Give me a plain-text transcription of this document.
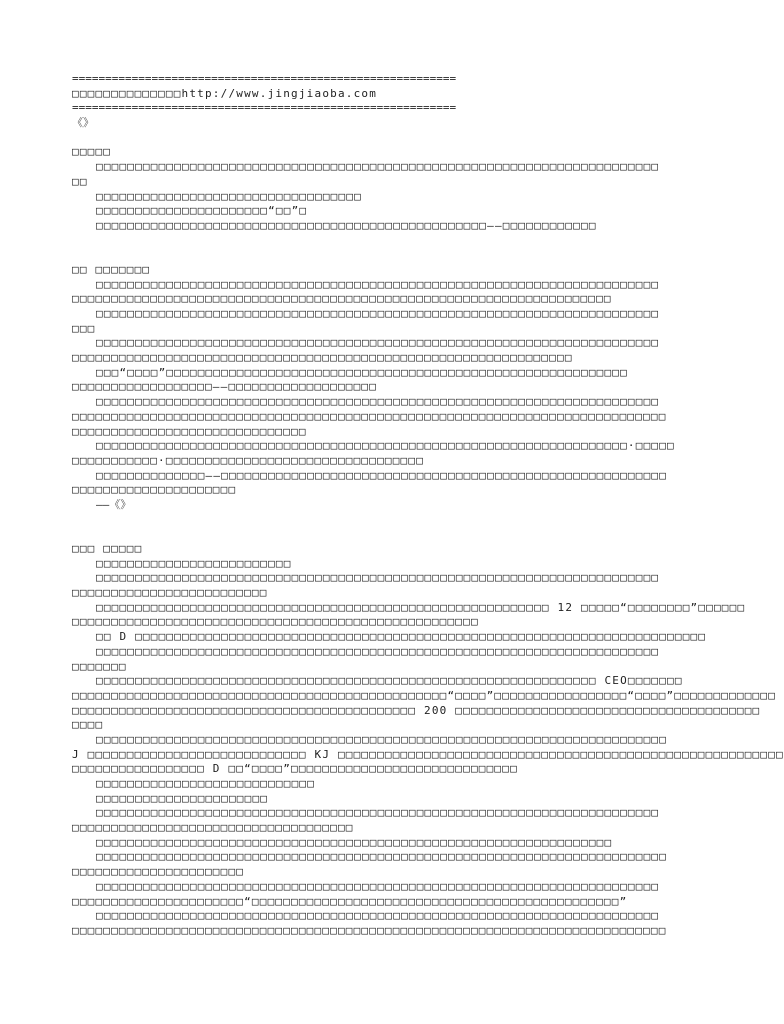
==========================================================
□□□□□□□□□□□□□□http://www.jingjiaoba.com
==========================================================
《》
□□□□□
□□□□□□□□□□□□□□□□□□□□□□□□□□□□□□□□□□□□□□□□□□□□□□□□□□□□□□□□□□□□□□□□□□□□□□□□
□□
□□□□□□□□□□□□□□□□□□□□□□□□□□□□□□□□□□
□□□□□□□□□□□□□□□□□□□□□□“□□”□
□□□□□□□□□□□□□□□□□□□□□□□□□□□□□□□□□□□□□□□□□□□□□□□□□□——□□□□□□□□□□□□
□□ □□□□□□□
□□□□□□□□□□□□□□□□□□□□□□□□□□□□□□□□□□□□□□□□□□□□□□□□□□□□□□□□□□□□□□□□□□□□□□□□
□□□□□□□□□□□□□□□□□□□□□□□□□□□□□□□□□□□□□□□□□□□□□□□□□□□□□□□□□□□□□□□□□□□□□
□□□□□□□□□□□□□□□□□□□□□□□□□□□□□□□□□□□□□□□□□□□□□□□□□□□□□□□□□□□□□□□□□□□□□□□□
□□□
□□□□□□□□□□□□□□□□□□□□□□□□□□□□□□□□□□□□□□□□□□□□□□□□□□□□□□□□□□□□□□□□□□□□□□□□
□□□□□□□□□□□□□□□□□□□□□□□□□□□□□□□□□□□□□□□□□□□□□□□□□□□□□□□□□□□□□□□□
□□□“□□□□”□□□□□□□□□□□□□□□□□□□□□□□□□□□□□□□□□□□□□□□□□□□□□□□□□□□□□□□□□□□
□□□□□□□□□□□□□□□□□□——□□□□□□□□□□□□□□□□□□□
□□□□□□□□□□□□□□□□□□□□□□□□□□□□□□□□□□□□□□□□□□□□□□□□□□□□□□□□□□□□□□□□□□□□□□□□
□□□□□□□□□□□□□□□□□□□□□□□□□□□□□□□□□□□□□□□□□□□□□□□□□□□□□□□□□□□□□□□□□□□□□□□□□□□□
□□□□□□□□□□□□□□□□□□□□□□□□□□□□□□
□□□□□□□□□□□□□□□□□□□□□□□□□□□□□□□□□□□□□□□□□□□□□□□□□□□□□□□□□□□□□□□□□□□□·□□□□□
□□□□□□□□□□□·□□□□□□□□□□□□□□□□□□□□□□□□□□□□□□□□□
□□□□□□□□□□□□□□——□□□□□□□□□□□□□□□□□□□□□□□□□□□□□□□□□□□□□□□□□□□□□□□□□□□□□□□□□
□□□□□□□□□□□□□□□□□□□□□
——《》
□□□ □□□□□
□□□□□□□□□□□□□□□□□□□□□□□□□
□□□□□□□□□□□□□□□□□□□□□□□□□□□□□□□□□□□□□□□□□□□□□□□□□□□□□□□□□□□□□□□□□□□□□□□□
□□□□□□□□□□□□□□□□□□□□□□□□□
□□□□□□□□□□□□□□□□□□□□□□□□□□□□□□□□□□□□□□□□□□□□□□□□□□□□□□□□□□ 12 □□□□□“□□□□□□□□”□□□□□□
□□□□□□□□□□□□□□□□□□□□□□□□□□□□□□□□□□□□□□□□□□□□□□□□□□□□
□□ D □□□□□□□□□□□□□□□□□□□□□□□□□□□□□□□□□□□□□□□□□□□□□□□□□□□□□□□□□□□□□□□□□□□□□□□□□
□□□□□□□□□□□□□□□□□□□□□□□□□□□□□□□□□□□□□□□□□□□□□□□□□□□□□□□□□□□□□□□□□□□□□□□□
□□□□□□□
□□□□□□□□□□□□□□□□□□□□□□□□□□□□□□□□□□□□□□□□□□□□□□□□□□□□□□□□□□□□□□□□ CEO□□□□□□□
□□□□□□□□□□□□□□□□□□□□□□□□□□□□□□□□□□□□□□□□□□□□□□□□“□□□□”□□□□□□□□□□□□□□□□□“□□□□”□□□□□□□□□□□□□
□□□□□□□□□□□□□□□□□□□□□□□□□□□□□□□□□□□□□□□□□□□□ 200 □□□□□□□□□□□□□□□□□□□□□□□□□□□□□□□□□□□□□□□
□□□□
□□□□□□□□□□□□□□□□□□□□□□□□□□□□□□□□□□□□□□□□□□□□□□□□□□□□□□□□□□□□□□□□□□□□□□□□□
J □□□□□□□□□□□□□□□□□□□□□□□□□□□□ KJ □□□□□□□□□□□□□□□□□□□□□□□□□□□□□□□□□□□□□□□□□□□□□□□□□□□□□□□□□
□□□□□□□□□□□□□□□□□ D □□“□□□□”□□□□□□□□□□□□□□□□□□□□□□□□□□□□□
□□□□□□□□□□□□□□□□□□□□□□□□□□□□
□□□□□□□□□□□□□□□□□□□□□□
□□□□□□□□□□□□□□□□□□□□□□□□□□□□□□□□□□□□□□□□□□□□□□□□□□□□□□□□□□□□□□□□□□□□□□□□
□□□□□□□□□□□□□□□□□□□□□□□□□□□□□□□□□□□□
□□□□□□□□□□□□□□□□□□□□□□□□□□□□□□□□□□□□□□□□□□□□□□□□□□□□□□□□□□□□□□□□□□
□□□□□□□□□□□□□□□□□□□□□□□□□□□□□□□□□□□□□□□□□□□□□□□□□□□□□□□□□□□□□□□□□□□□□□□□□
□□□□□□□□□□□□□□□□□□□□□□
□□□□□□□□□□□□□□□□□□□□□□□□□□□□□□□□□□□□□□□□□□□□□□□□□□□□□□□□□□□□□□□□□□□□□□□□
□□□□□□□□□□□□□□□□□□□□□□“□□□□□□□□□□□□□□□□□□□□□□□□□□□□□□□□□□□□□□□□□□□□□□□”
□□□□□□□□□□□□□□□□□□□□□□□□□□□□□□□□□□□□□□□□□□□□□□□□□□□□□□□□□□□□□□□□□□□□□□□□
□□□□□□□□□□□□□□□□□□□□□□□□□□□□□□□□□□□□□□□□□□□□□□□□□□□□□□□□□□□□□□□□□□□□□□□□□□□□
